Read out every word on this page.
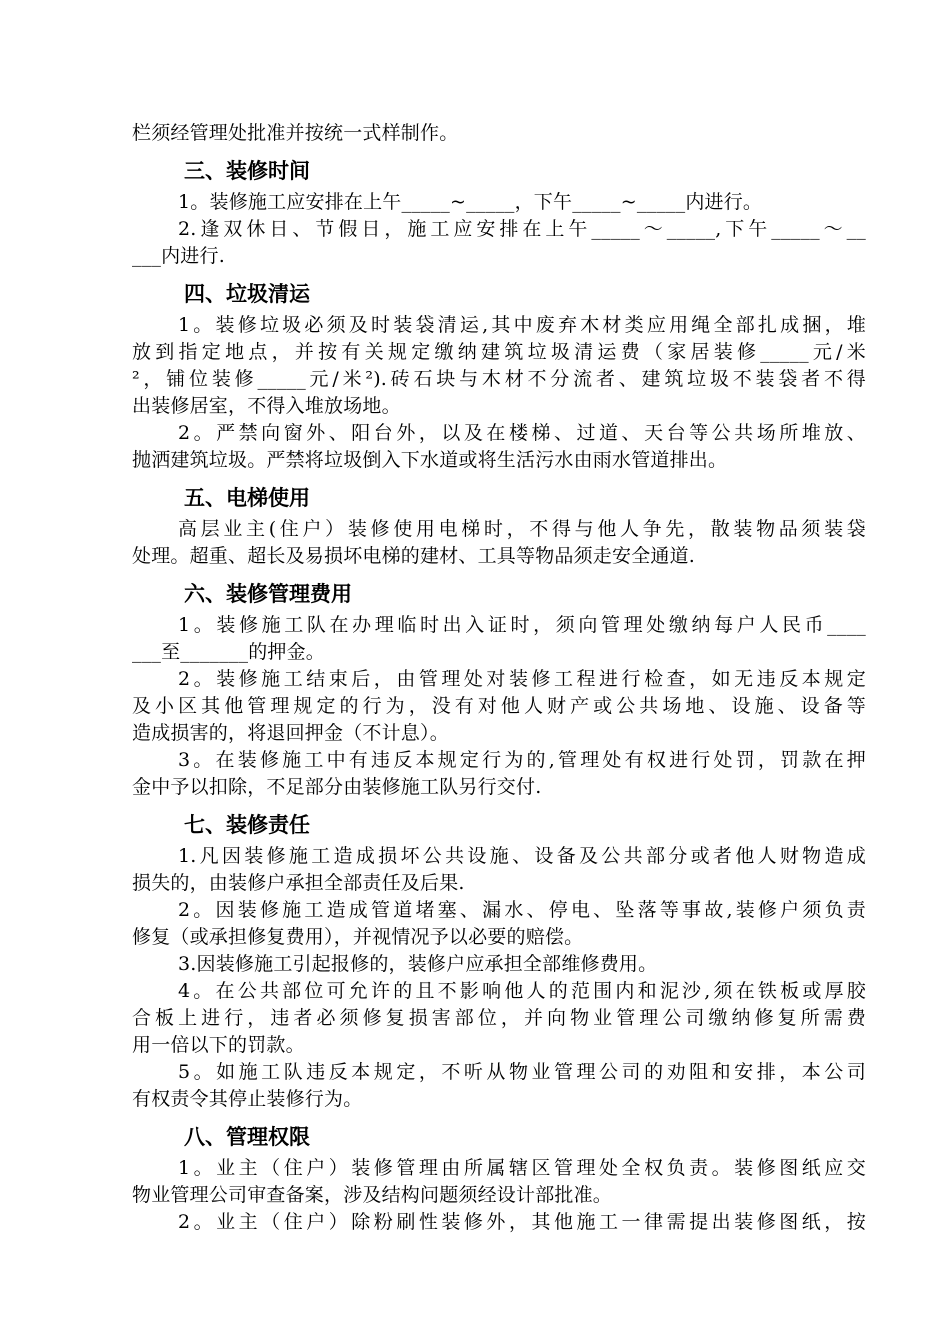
栏须经管理处批准并按统一式样制作。
三、装修时间
1。装修施工应安排在上午_____~_____，下午_____~_____内进行。
2.逢双休日、节假日，施工应安排在上午_____～_____,下午_____～__
___内进行.
四、垃圾清运
1。装修垃圾必须及时装袋清运,其中废弃木材类应用绳全部扎成捆，堆
放到指定地点，并按有关规定缴纳建筑垃圾清运费（家居装修_____元/米
²，铺位装修_____元/米²).砖石块与木材不分流者、建筑垃圾不装袋者不得
出装修居室，不得入堆放场地。
2。严禁向窗外、阳台外，以及在楼梯、过道、天台等公共场所堆放、
抛洒建筑垃圾。严禁将垃圾倒入下水道或将生活污水由雨水管道排出。
五、电梯使用
高层业主(住户）装修使用电梯时，不得与他人争先，散装物品须装袋
处理。超重、超长及易损坏电梯的建材、工具等物品须走安全通道.
六、装修管理费用
1。装修施工队在办理临时出入证时，须向管理处缴纳每户人民币____
___至_______的押金。
2。装修施工结束后，由管理处对装修工程进行检查，如无违反本规定
及小区其他管理规定的行为，没有对他人财产或公共场地、设施、设备等
造成损害的，将退回押金（不计息）。
3。在装修施工中有违反本规定行为的,管理处有权进行处罚，罚款在押
金中予以扣除，不足部分由装修施工队另行交付.
七、装修责任
1.凡因装修施工造成损坏公共设施、设备及公共部分或者他人财物造成
损失的，由装修户承担全部责任及后果.
2。因装修施工造成管道堵塞、漏水、停电、坠落等事故,装修户须负责
修复（或承担修复费用），并视情况予以必要的赔偿。
3.因装修施工引起报修的，装修户应承担全部维修费用。
4。在公共部位可允许的且不影响他人的范围内和泥沙,须在铁板或厚胶
合板上进行，违者必须修复损害部位，并向物业管理公司缴纳修复所需费
用一倍以下的罚款。
5。如施工队违反本规定，不听从物业管理公司的劝阻和安排，本公司
有权责令其停止装修行为。
八、管理权限
1。业主（住户）装修管理由所属辖区管理处全权负责。装修图纸应交
物业管理公司审查备案，涉及结构问题须经设计部批准。
2。业主（住户）除粉刷性装修外，其他施工一律需提出装修图纸，按
